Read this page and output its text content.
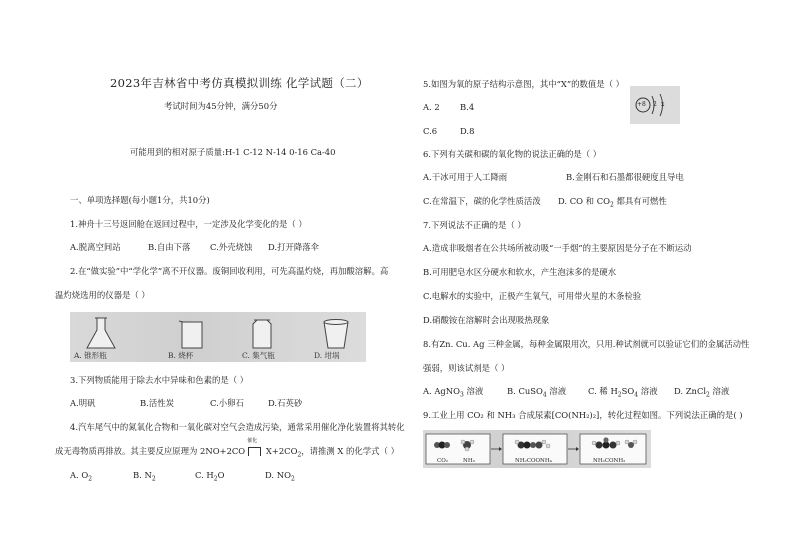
2023年吉林省中考仿真模拟训练 化学试题（二）
考试时间为45分钟，满分50分
可能用到的相对原子质量:H-1 C-12 N-14 0-16 Ca-40
一、单项选择题(每小题1分，共10分)
1.神舟十三号返回舱在返回过程中，一定涉及化学变化的是（ ）
A.脱离空间站	B.自由下落 C.外壳烧蚀 D.打开降落伞
2.在“做实验”中“学化学”离不开仪器。废铜回收利用，可先高温灼烧，再加酸溶解。高
温灼烧选用的仪器是（ ）
A. 锥形瓶	B. 烧杯	C. 集气瓶	D. 坩埚
3.下列物质能用于除去水中异味和色素的是（ ）
A.明矾	B.活性炭	C.小卵石	D.石英砂
4.汽车尾气中的氮氧化合物和一氧化碳对空气会造成污染，通常采用催化净化装置将其转化
成无毒物质再排放。其主要反应原理为 2NO+2CO
催化
$X+2CO_2$，请推测 X 的化学式（ ）
A. $O_2$	B. $N_2$	C. $H_2O$	D. $NO_2$
5.如图为氧的原子结构示意图，其中“X”的数值是（ ）
A. 2 B.4
C.6	D.8
+8 2 x
6.下列有关碳和碳的氧化物的说法正确的是（ ）
A.干冰可用于人工降雨	B.金刚石和石墨都很硬度且导电
C.在常温下，碳的化学性质活泼 D. CO 和 $CO_2$ 都具有可燃性
7.下列说法不正确的是（ ）
A.造成非吸烟者在公共场所被动吸“一手烟”的主要原因是分子在不断运动
B.可用肥皂水区分硬水和软水，产生泡沫多的是硬水
C.电解水的实验中，正极产生氧气，可用带火星的木条检验
D.硝酸铵在溶解时会出现吸热现象
8.有Zn. Cu. Ag 三种金属，每种金属限用次，只用.种试剂就可以验证它们的金属活动性
强弱，则该试剂是（ ）
A. AgNO$_3$ 溶液	B. CuSO$_4$ 溶液	C. 稀 $H_2SO_4$ 溶液 D. ZnCl$_2$ 溶液
9.工业上用 CO₂ 和 NH₃ 合成尿素[CO(NH₂)₂]，转化过程如图。下列说法正确的是( )
CO₂	NH₃	NH₂COONH₄	NH₂CONH₂
